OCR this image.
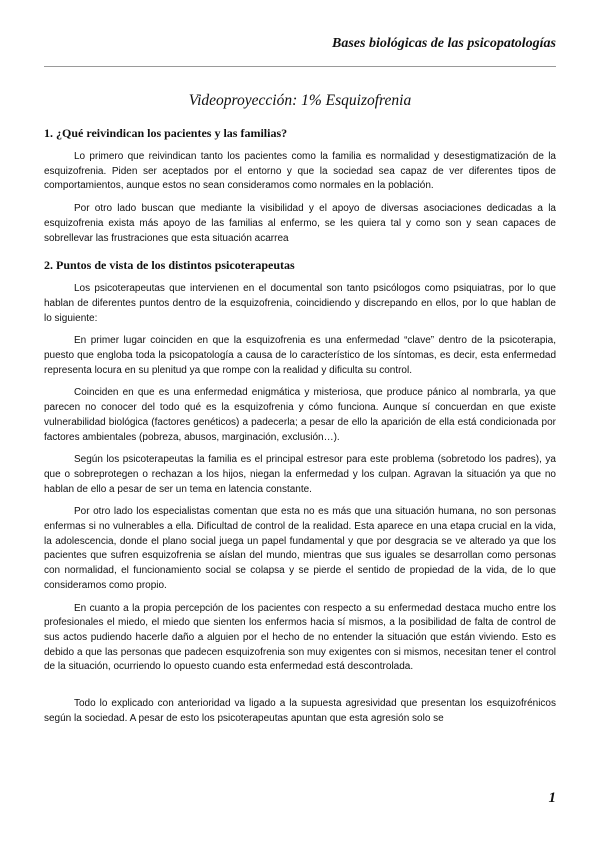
Bases biológicas de las psicopatologías
Videoproyección: 1% Esquizofrenia
1. ¿Qué reivindican los pacientes y las familias?

Lo primero que reivindican tanto los pacientes como la familia es normalidad y desestigmatización de la esquizofrenia. Piden ser aceptados por el entorno y que la sociedad sea capaz de ver diferentes tipos de comportamientos, aunque estos no sean consideramos como normales en la población.

Por otro lado buscan que mediante la visibilidad y el apoyo de diversas asociaciones dedicadas a la esquizofrenia exista más apoyo de las familias al enfermo, se les quiera tal y como son y sean capaces de sobrellevar las frustraciones que esta situación acarrea

2. Puntos de vista de los distintos psicoterapeutas

Los psicoterapeutas que intervienen en el documental son tanto psicólogos como psiquiatras, por lo que hablan de diferentes puntos dentro de la esquizofrenia, coincidiendo y discrepando en ellos, por lo que hablan de lo siguiente:

En primer lugar coinciden en que la esquizofrenia es una enfermedad “clave” dentro de la psicoterapia, puesto que engloba toda la psicopatología a causa de lo característico de los síntomas, es decir, esta enfermedad representa locura en su plenitud ya que rompe con la realidad y dificulta su control.

Coinciden en que es una enfermedad enigmática y misteriosa, que produce pánico al nombrarla, ya que parecen no conocer del todo qué es la esquizofrenia y cómo funciona. Aunque sí concuerdan en que existe vulnerabilidad biológica (factores genéticos) a padecerla; a pesar de ello la aparición de ella está condicionada por factores ambientales (pobreza, abusos, marginación, exclusión…).

Según los psicoterapeutas la familia es el principal estresor para este problema (sobretodo los padres), ya que o sobreprotegen o rechazan a los hijos, niegan la enfermedad y los culpan. Agravan la situación ya que no hablan de ello a pesar de ser un tema en latencia constante.

Por otro lado los especialistas comentan que esta no es más que una situación humana, no son personas enfermas si no vulnerables a ella. Dificultad de control de la realidad. Esta aparece en una etapa crucial en la vida, la adolescencia, donde el plano social juega un papel fundamental y que por desgracia se ve alterado ya que los pacientes que sufren esquizofrenia se aíslan del mundo, mientras que sus iguales se desarrollan como personas con normalidad, el funcionamiento social se colapsa y se pierde el sentido de propiedad de la vida, de lo que consideramos como propio.

En cuanto a la propia percepción de los pacientes con respecto a su enfermedad destaca mucho entre los profesionales el miedo, el miedo que sienten los enfermos hacia sí mismos, a la posibilidad de falta de control de sus actos pudiendo hacerle daño a alguien por el hecho de no entender la situación que están viviendo. Esto es debido a que las personas que padecen esquizofrenia son muy exigentes con si mismos, necesitan tener el control de la situación, ocurriendo lo opuesto cuando esta enfermedad está descontrolada.

Todo lo explicado con anterioridad va ligado a la supuesta agresividad que presentan los esquizofrénicos según la sociedad. A pesar de esto los psicoterapeutas apuntan que esta agresión solo se

1
